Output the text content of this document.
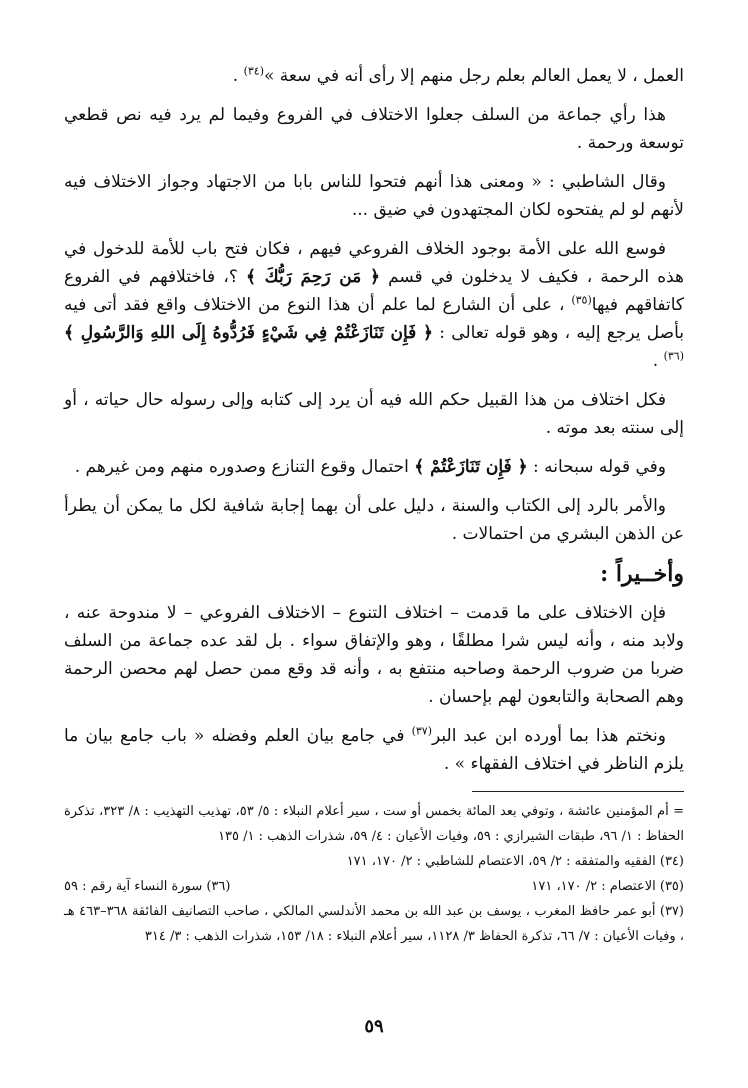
العمل ، لا يعمل العالم بعلم رجل منهم إلا رأى أنه في سعة »$^{(٣٤)}$ .

هذا رأي جماعة من السلف جعلوا الاختلاف في الفروع وفيما لم يرد فيه نص قطعي توسعة ورحمة .

وقال الشاطبي : « ومعنى هذا أنهم فتحوا للناس بابا من الاجتهاد وجواز الاختلاف فيه لأنهم لو لم يفتحوه لكان المجتهدون في ضيق ...

فوسع الله على الأمة بوجود الخلاف الفروعي فيهم ، فكان فتح باب للأمة للدخول في هذه الرحمة ، فكيف لا يدخلون في قسم ﴿ مَن رَحِمَ رَبُّكَ ﴾ ؟، فاختلافهم في الفروع كاتفاقهم فيها$^{(٣٥)}$ ، على أن الشارع لما علم أن هذا النوع من الاختلاف واقع فقد أتى فيه بأصل يرجع إليه ، وهو قوله تعالى : ﴿ فَإِن تَنَازَعْتُمْ فِي شَيْءٍ فَرُدُّوهُ إِلَى اللهِ وَالرَّسُولِ ﴾$^{(٣٦)}$ .

فكل اختلاف من هذا القبيل حكم الله فيه أن يرد إلى كتابه وإلى رسوله حال حياته ، أو إلى سنته بعد موته .

وفي قوله سبحانه : ﴿ فَإِن تَنَازَعْتُمْ ﴾ احتمال وقوع التنازع وصدوره منهم ومن غيرهم .

والأمر بالرد إلى الكتاب والسنة ، دليل على أن بهما إجابة شافية لكل ما يمكن أن يطرأ عن الذهن البشري من احتمالات .

وأخــيراً :

فإن الاختلاف على ما قدمت – اختلاف التنوع – الاختلاف الفروعي – لا مندوحة عنه ، ولابد منه ، وأنه ليس شرا مطلقًا ، وهو والإتفاق سواء . بل لقد عده جماعة من السلف ضربا من ضروب الرحمة وصاحبه منتفع به ، وأنه قد وقع ممن حصل لهم محصن الرحمة وهم الصحابة والتابعون لهم بإحسان .

ونختم هذا بما أورده ابن عبد البر$^{(٣٧)}$ في جامع بيان العلم وفضله « باب جامع بيان ما يلزم الناظر في اختلاف الفقهاء » .

= أم المؤمنين عائشة ، وتوفي بعد المائة بخمس أو ست ، سير أعلام النبلاء : ٥/ ٥٣، تهذيب التهذيب : ٨/ ٣٢٣، تذكرة الحفاظ : ١/ ٩٦، طبقات الشيرازي : ٥٩، وفيات الأعيان : ٤/ ٥٩، شذرات الذهب : ١/ ١٣٥

(٣٤) الفقيه والمتفقه : ٢/ ٥٩، الاعتصام للشاطبي : ٢/ ١٧٠، ١٧١

(٣٥) الاعتصام : ٢/ ١٧٠، ١٧١
(٣٦) سورة النساء آية رقم : ٥٩

(٣٧) أبو عمر حافظ المغرب ، يوسف بن عبد الله بن محمد الأندلسي المالكي ، صاحب التصانيف الفائقة ٣٦٨–٤٦٣ هـ ، وفيات الأعيان : ٧/ ٦٦، تذكرة الحفاظ ٣/ ١١٢٨، سير أعلام النبلاء : ١٨/ ١٥٣، شذرات الذهب : ٣/ ٣١٤

٥٩
